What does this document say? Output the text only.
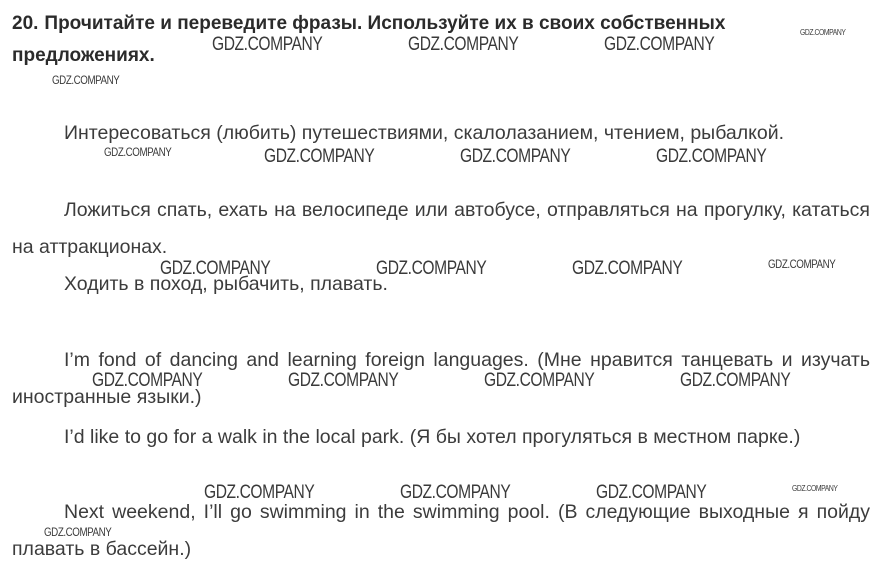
20. Прочитайте и переведите фразы. Используйте их в своих собственных предложениях.
Интересоваться (любить) путешествиями, скалолазанием, чтением, рыбалкой.
Ложиться спать, ехать на велосипеде или автобусе, отправляться на прогулку, кататься на аттракционах.
Ходить в поход, рыбачить, плавать.
I’m fond of dancing and learning foreign languages. (Мне нравится танцевать и изучать иностранные языки.)
I’d like to go for a walk in the local park. (Я бы хотел прогуляться в местном парке.)
Next weekend, I’ll go swimming in the swimming pool. (В следующие выходные я пойду плавать в бассейн.)
GDZ.COMPANY	GDZ.COMPANY	GDZ.COMPANY
GDZ.COMPANY
GDZ.COMPANY
GDZ.COMPANY	GDZ.COMPANY	GDZ.COMPANY	GDZ.COMPANY
GDZ.COMPANY	GDZ.COMPANY	GDZ.COMPANY	GDZ.COMPANY
GDZ.COMPANY	GDZ.COMPANY	GDZ.COMPANY	GDZ.COMPANY
GDZ.COMPANY	GDZ.COMPANY	GDZ.COMPANY	GDZ.COMPANY
GDZ.COMPANY
